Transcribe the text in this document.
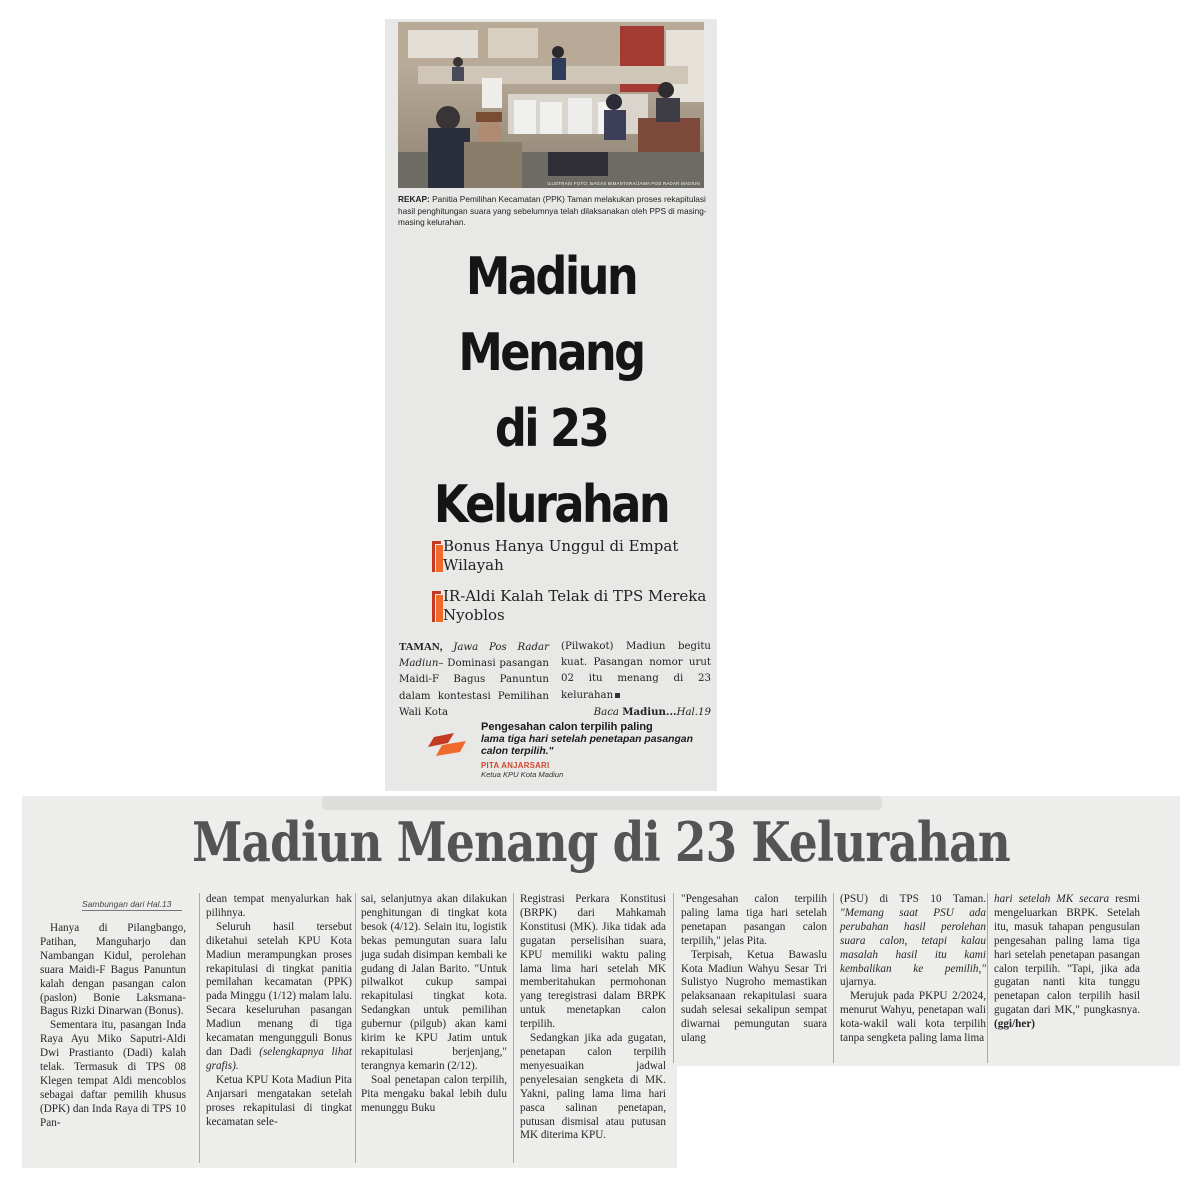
ILUSTRASI FOTO: BAGAS BIMANTARA/JAWA POS RADAR MADIUN
REKAP: Panitia Pemilihan Kecamatan (PPK) Taman melakukan proses rekapitulasi hasil penghitungan suara yang sebelumnya telah dilaksanakan oleh PPS di masing-masing kelurahan.
Madiun
Menang
di 23
Kelurahan
Bonus Hanya Unggul di Empat Wilayah
IR-Aldi Kalah Telak di TPS Mereka Nyoblos
TAMAN, Jawa Pos Radar Madiun– Dominasi pasangan Maidi-F Bagus Panuntun dalam kontestasi Pemilihan Wali Kota
(Pilwakot) Madiun begitu kuat. Pasangan nomor urut 02 itu menang di 23 kelurahan
Baca Madiun...Hal.19
Pengesahan calon terpilih paling
lama tiga hari setelah penetapan pasangan calon terpilih."
PITA ANJARSARI
Ketua KPU Kota Madiun
Madiun Menang di 23 Kelurahan
Sambungan dari Hal.13

Hanya di Pilangbango, Patihan, Manguharjo dan Nambangan Kidul, perolehan suara Maidi-F Bagus Panuntun kalah dengan pasangan calon (paslon) Bonie Laksmana-Bagus Rizki Dinarwan (Bonus).

Sementara itu, pasangan Inda Raya Ayu Miko Saputri-Aldi Dwi Prastianto (Dadi) kalah telak. Termasuk di TPS 08 Klegen tempat Aldi mencoblos sebagai daftar pemilih khusus (DPK) dan Inda Raya di TPS 10 Pan-

dean tempat menyalurkan hak pilihnya.

Seluruh hasil tersebut diketahui setelah KPU Kota Madiun merampungkan proses rekapitulasi di tingkat panitia pemilahan kecamatan (PPK) pada Minggu (1/12) malam lalu. Secara keseluruhan pasangan Madiun menang di tiga kecamatan mengungguli Bonus dan Dadi (selengkapnya lihat grafis).

Ketua KPU Kota Madiun Pita Anjarsari mengatakan setelah proses rekapitulasi di tingkat kecamatan sele-

sai, selanjutnya akan dilakukan penghitungan di tingkat kota besok (4/12). Selain itu, logistik bekas pemungutan suara lalu juga sudah disimpan kembali ke gudang di Jalan Barito. "Untuk pilwalkot cukup sampai rekapitulasi tingkat kota. Sedangkan untuk pemilihan gubernur (pilgub) akan kami kirim ke KPU Jatim untuk rekapitulasi berjenjang," terangnya kemarin (2/12).

Soal penetapan calon terpilih, Pita mengaku bakal lebih dulu menunggu Buku

Registrasi Perkara Konstitusi (BRPK) dari Mahkamah Konstitusi (MK). Jika tidak ada gugatan perselisihan suara, KPU memiliki waktu paling lama lima hari setelah MK memberitahukan permohonan yang teregistrasi dalam BRPK untuk menetapkan calon terpilih.

Sedangkan jika ada gugatan, penetapan calon terpilih menyesuaikan jadwal penyelesaian sengketa di MK. Yakni, paling lama lima hari pasca salinan penetapan, putusan dismisal atau putusan MK diterima KPU.

"Pengesahan calon terpilih paling lama tiga hari setelah penetapan pasangan calon terpilih," jelas Pita.

Terpisah, Ketua Bawaslu Kota Madiun Wahyu Sesar Tri Sulistyo Nugroho memastikan pelaksanaan rekapitulasi suara sudah selesai sekalipun sempat diwarnai pemungutan suara ulang

(PSU) di TPS 10 Taman. "Memang saat PSU ada perubahan hasil perolehan suara calon, tetapi kalau masalah hasil itu kami kembalikan ke pemilih," ujarnya.

Merujuk pada PKPU 2/2024, menurut Wahyu, penetapan wali kota-wakil wali kota terpilih tanpa sengketa paling lama lima

hari setelah MK secara resmi mengeluarkan BRPK. Setelah itu, masuk tahapan pengusulan pengesahan paling lama tiga hari setelah penetapan pasangan calon terpilih. "Tapi, jika ada gugatan nanti kita tunggu penetapan calon terpilih hasil gugatan dari MK," pungkasnya. (ggi/her)
